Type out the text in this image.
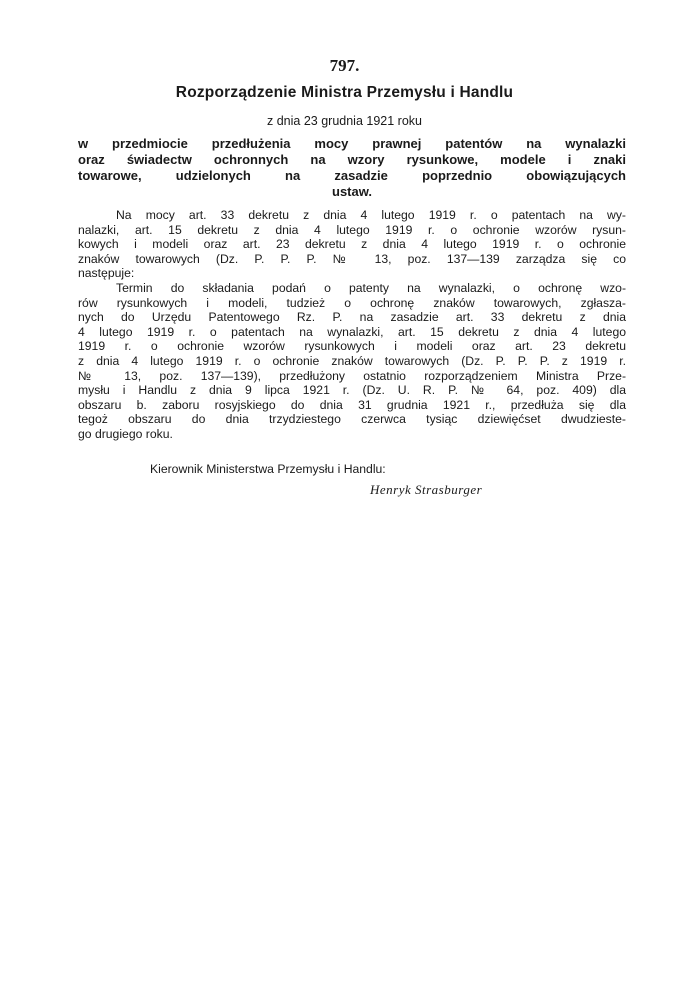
797.
Rozporządzenie Ministra Przemysłu i Handlu
z dnia 23 grudnia 1921 roku
w przedmiocie przedłużenia mocy prawnej patentów na wynalazki
oraz świadectw ochronnych na wzory rysunkowe, modele i znaki
towarowe, udzielonych na zasadzie poprzednio obowiązujących
ustaw.
Na mocy art. 33 dekretu z dnia 4 lutego 1919 r. o patentach na wy-
nalazki, art. 15 dekretu z dnia 4 lutego 1919 r. o ochronie wzorów rysun-
kowych i modeli oraz art. 23 dekretu z dnia 4 lutego 1919 r. o ochronie
znaków towarowych (Dz. P. P. P. № 13, poz. 137—139 zarządza się co
następuje:
Termin do składania podań o patenty na wynalazki, o ochronę wzo-
rów rysunkowych i modeli, tudzież o ochronę znaków towarowych, zgłasza-
nych do Urzędu Patentowego Rz. P. na zasadzie art. 33 dekretu z dnia
4 lutego 1919 r. o patentach na wynalazki, art. 15 dekretu z dnia 4 lutego
1919 r. o ochronie wzorów rysunkowych i modeli oraz art. 23 dekretu
z dnia 4 lutego 1919 r. o ochronie znaków towarowych (Dz. P. P. P. z 1919 r.
№ 13, poz. 137—139), przedłużony ostatnio rozporządzeniem Ministra Prze-
mysłu i Handlu z dnia 9 lipca 1921 r. (Dz. U. R. P. № 64, poz. 409) dla
obszaru b. zaboru rosyjskiego do dnia 31 grudnia 1921 r., przedłuża się dla
tegoż obszaru do dnia trzydziestego czerwca tysiąc dziewięćset dwudzieste-
go drugiego roku.
Kierownik Ministerstwa Przemysłu i Handlu:
Henryk Strasburger
